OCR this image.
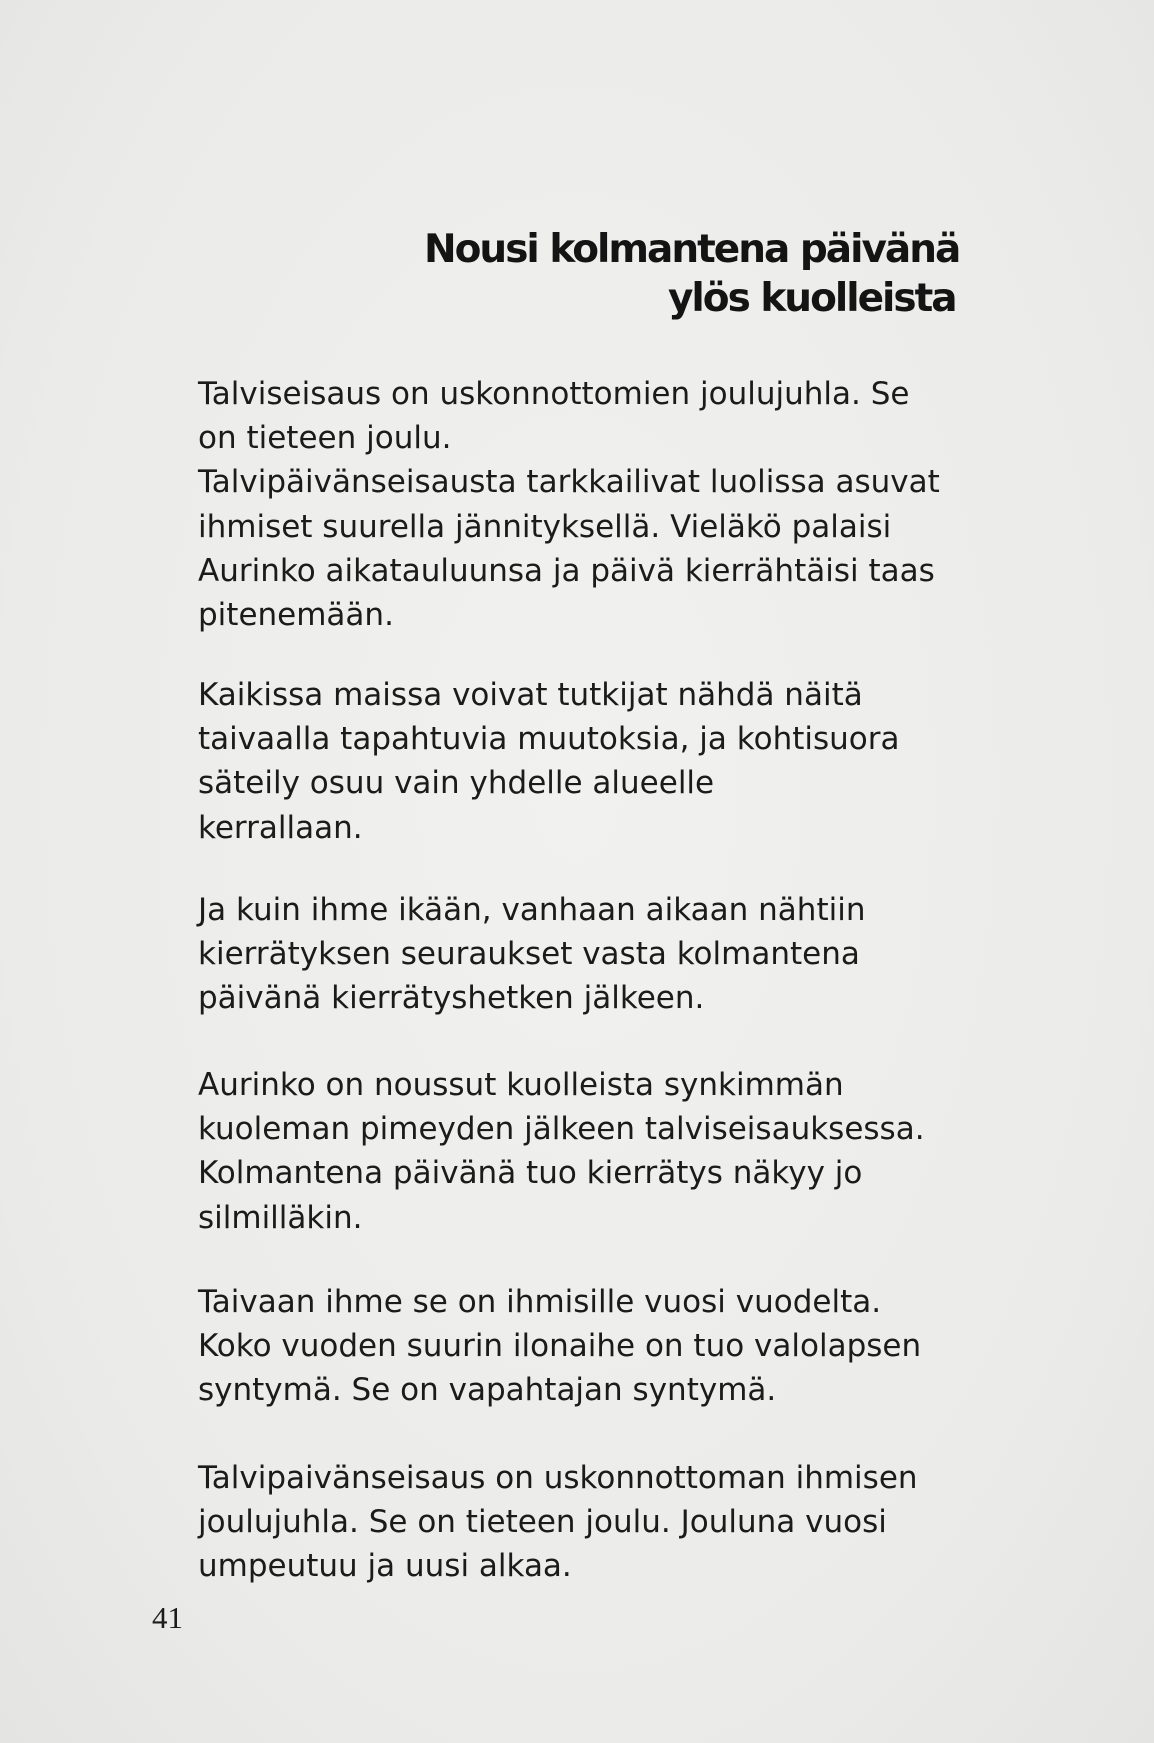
Nousi kolmantena päivänä
ylös kuolleista

Talviseisaus on uskonnottomien joulujuhla. Se
on tieteen joulu.
Talvipäivänseisausta tarkkailivat luolissa asuvat
ihmiset suurella jännityksellä. Vieläkö palaisi
Aurinko aikatauluunsa ja päivä kierrähtäisi taas
pitenemään.

Kaikissa maissa voivat tutkijat nähdä näitä
taivaalla tapahtuvia muutoksia, ja kohtisuora
säteily osuu vain yhdelle alueelle
kerrallaan.

Ja kuin ihme ikään, vanhaan aikaan nähtiin
kierrätyksen seuraukset vasta kolmantena
päivänä kierrätyshetken jälkeen.

Aurinko on noussut kuolleista synkimmän
kuoleman pimeyden jälkeen talviseisauksessa.
Kolmantena päivänä tuo kierrätys näkyy jo
silmilläkin.

Taivaan ihme se on ihmisille vuosi vuodelta.
Koko vuoden suurin ilonaihe on tuo valolapsen
syntymä. Se on vapahtajan syntymä.

Talvipaivänseisaus on uskonnottoman ihmisen
joulujuhla. Se on tieteen joulu. Jouluna vuosi
umpeutuu ja uusi alkaa.

41
